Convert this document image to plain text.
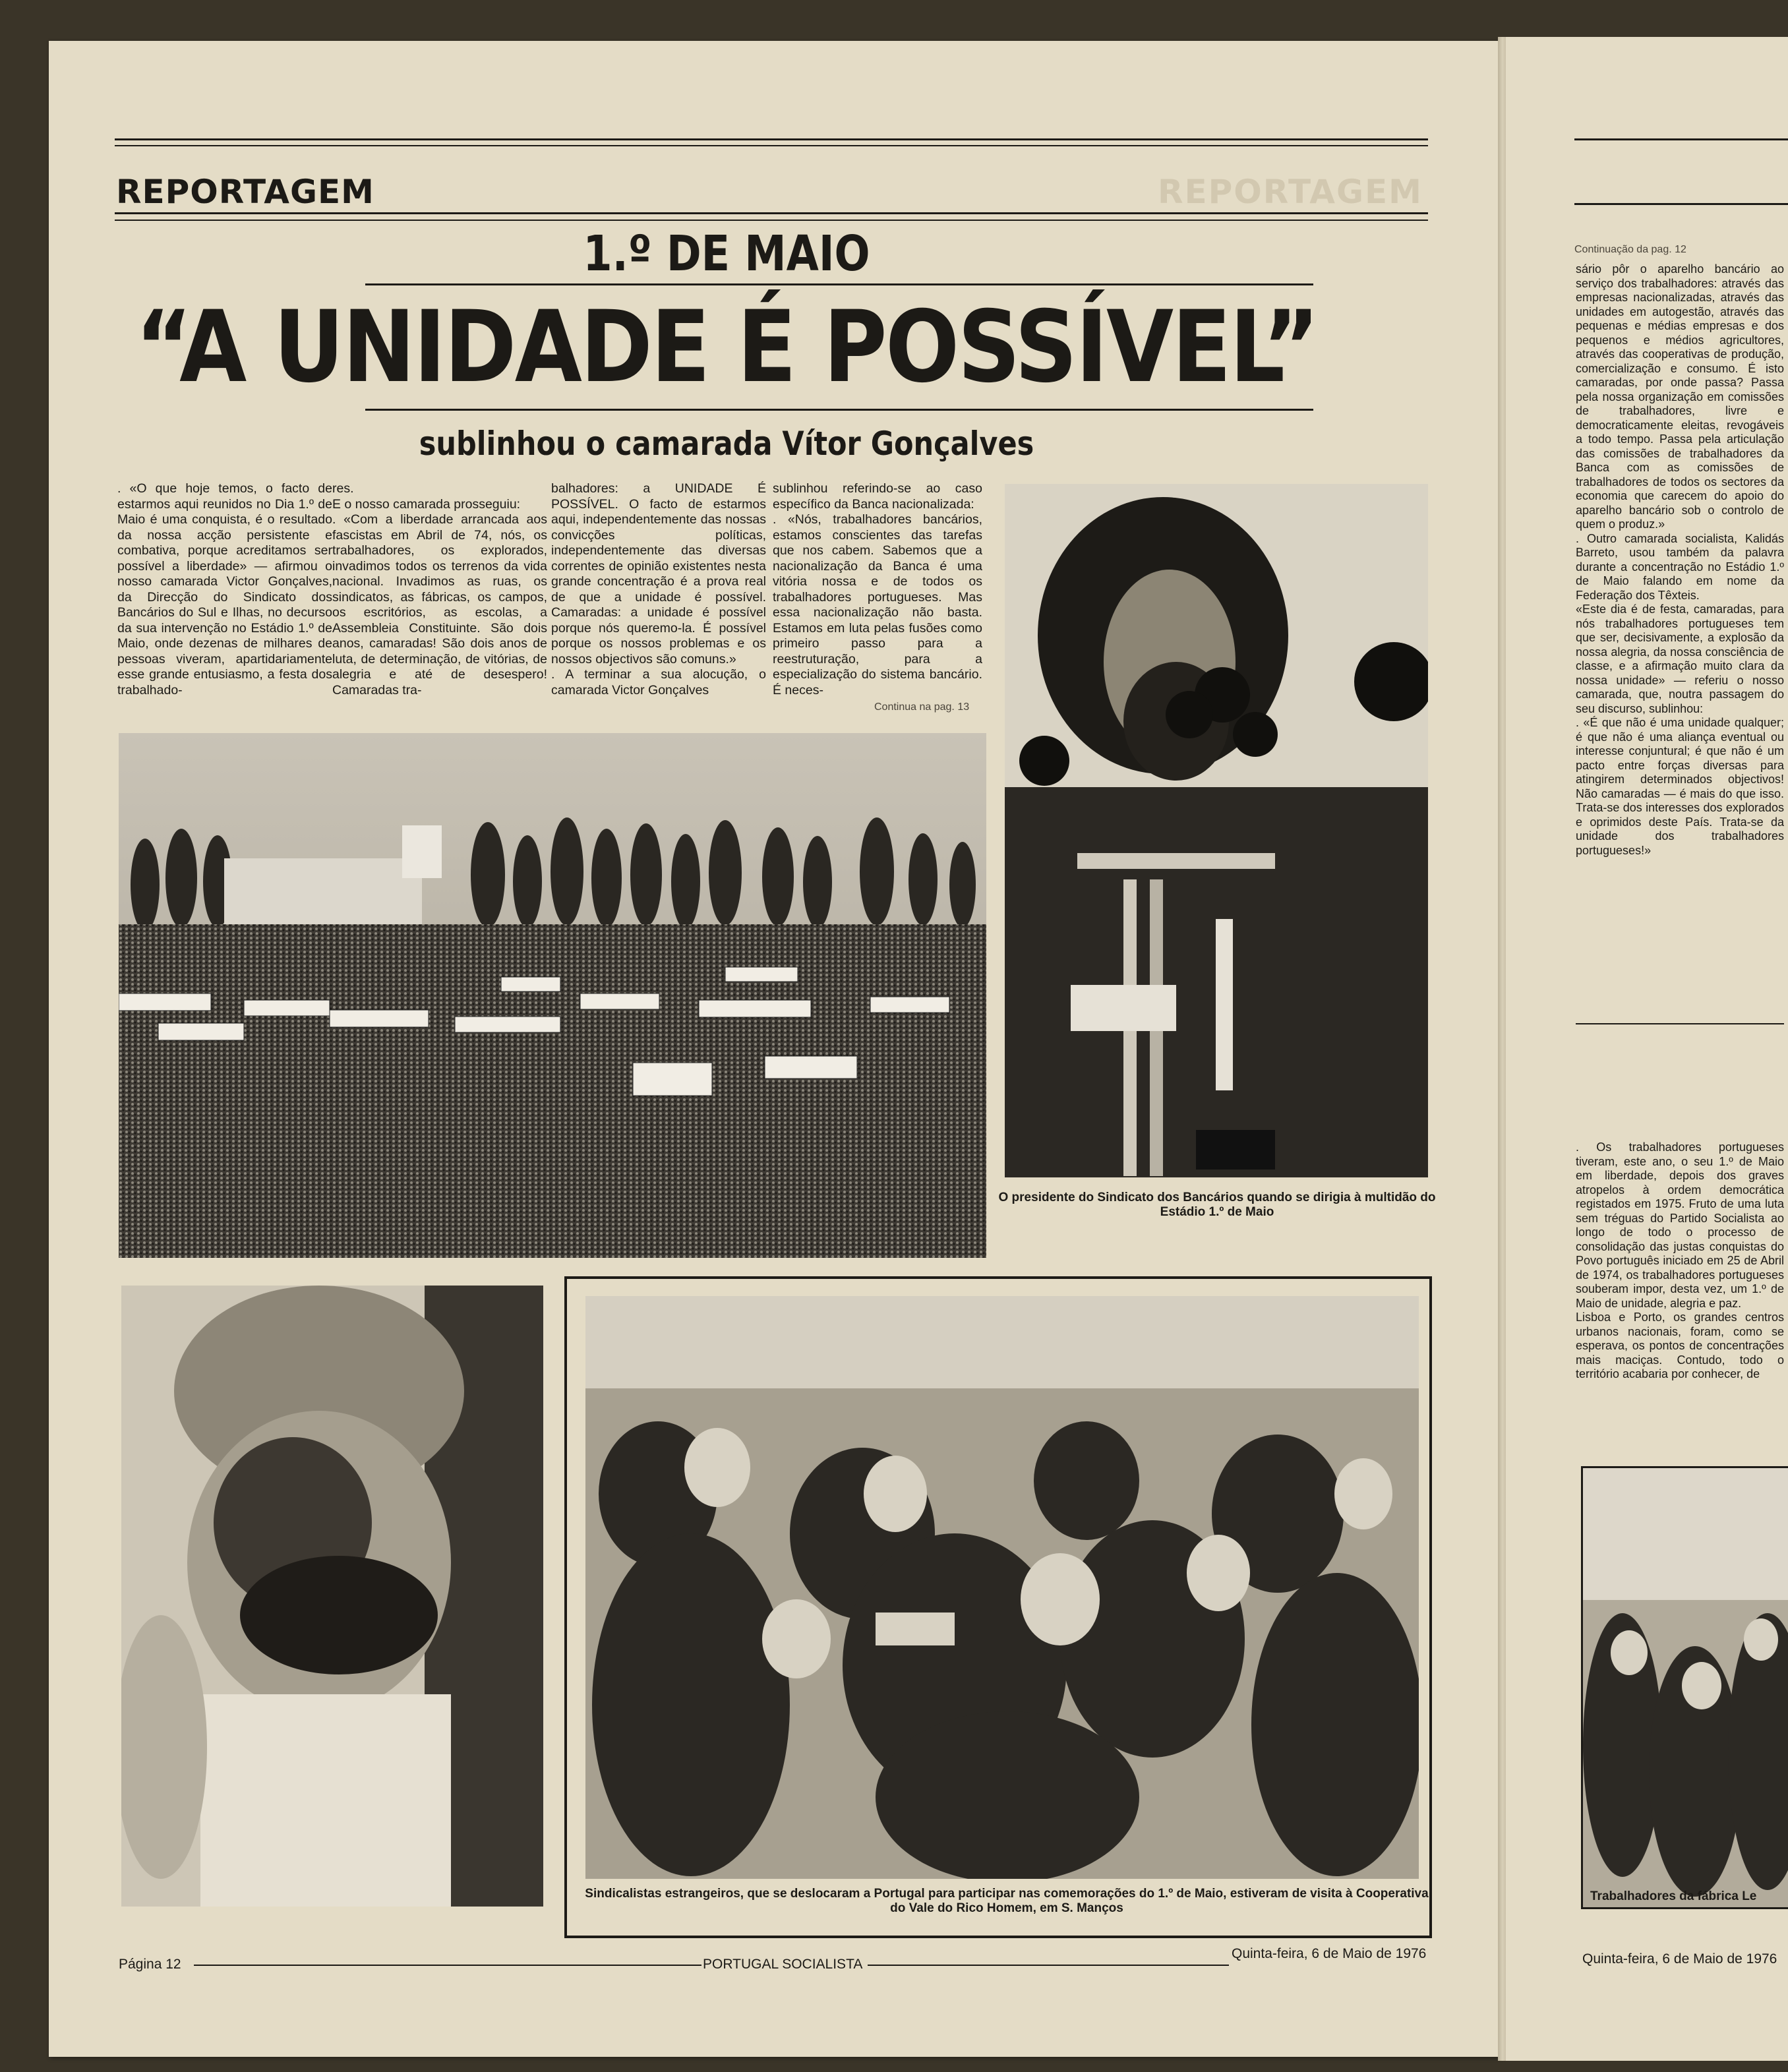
REPORTAGEM	REPORTAGEM
1.º DE MAIO
“A UNIDADE É POSSÍVEL”
sublinhou o camarada Vítor Gonçalves
. «O que hoje temos, o facto de estarmos aqui reunidos no Dia 1.º de Maio é uma conquista, é o resultado da nossa acção persistente e combativa, porque acreditamos ser possível a liberdade» — afirmou o nosso camarada Victor Gonçalves, da Direcção do Sindicato dos Bancários do Sul e Ilhas, no decurso da sua intervenção no Estádio 1.º de Maio, onde dezenas de milhares de pessoas viveram, apartidariamente esse grande entusiasmo, a festa dos trabalhado-
res.
E o nosso camarada prosseguiu:
. «Com a liberdade arrancada aos fascistas em Abril de 74, nós, os trabalhadores, os explorados, invadimos todos os terrenos da vida nacional. Invadimos as ruas, os sindicatos, as fábricas, os campos, os escritórios, as escolas, a Assembleia Constituinte. São dois anos, camaradas! São dois anos de luta, de determinação, de vitórias, de alegria e até de desespero! Camaradas tra-
balhadores: a UNIDADE É POSSÍVEL. O facto de estarmos aqui, independentemente das nossas convicções políticas, independentemente das diversas correntes de opinião existentes nesta grande concentração é a prova real de que a unidade é possível. Camaradas: a unidade é possível porque nós queremo-la. É possível porque os nossos problemas e os nossos objectivos são comuns.»
. A terminar a sua alocução, o camarada Victor Gonçalves
sublinhou referindo-se ao caso específico da Banca nacionalizada:
. «Nós, trabalhadores bancários, estamos conscientes das tarefas que nos cabem. Sabemos que a nacionalização da Banca é uma vitória nossa e de todos os trabalhadores portugueses. Mas essa nacionalização não basta. Estamos em luta pelas fusões como primeiro passo para a reestruturação, para a especialização do sistema bancário. É neces-
Continua na pag. 13
O presidente do Sindicato dos Bancários quando se dirigia à multidão do Estádio 1.º de Maio
Sindicalistas estrangeiros, que se deslocaram a Portugal para participar nas comemorações do 1.º de Maio, estiveram de visita à Cooperativa do Vale do Rico Homem, em S. Manços
Página 12	PORTUGAL SOCIALISTA
Quinta-feira, 6 de Maio de 1976
Continuação da pag. 12
sário pôr o aparelho bancário ao serviço dos trabalhadores: através das empresas nacionalizadas, através das unidades em autogestão, através das pequenas e médias empresas e dos pequenos e médios agricultores, através das cooperativas de produção, comercialização e consumo. É isto camaradas, por onde passa? Passa pela nossa organização em comissões de trabalhadores, livre e democraticamente eleitas, revogáveis a todo tempo. Passa pela articulação das comissões de trabalhadores da Banca com as comissões de trabalhadores de todos os sectores da economia que carecem do apoio do aparelho bancário sob o controlo de quem o produz.»
. Outro camarada socialista, Kalidás Barreto, usou também da palavra durante a concentração no Estádio 1.º de Maio falando em nome da Federação dos Têxteis.
«Este dia é de festa, camaradas, para nós trabalhadores portugueses tem que ser, decisivamente, a explosão da nossa alegria, da nossa consciência de classe, e a afirmação muito clara da nossa unidade» — referiu o nosso camarada, que, noutra passagem do seu discurso, sublinhou:
. «É que não é uma unidade qualquer; é que não é uma aliança eventual ou interesse conjuntural; é que não é um pacto entre forças diversas para atingirem determinados objectivos! Não camaradas — é mais do que isso. Trata-se dos interesses dos explorados e oprimidos deste País. Trata-se da unidade dos trabalhadores portugueses!»
. Os trabalhadores portugueses tiveram, este ano, o seu 1.º de Maio em liberdade, depois dos graves atropelos à ordem democrática registados em 1975. Fruto de uma luta sem tréguas do Partido Socialista ao longo de todo o processo de consolidação das justas conquistas do Povo português iniciado em 25 de Abril de 1974, os trabalhadores portugueses souberam impor, desta vez, um 1.º de Maio de unidade, alegria e paz.
Lisboa e Porto, os grandes centros urbanos nacionais, foram, como se esperava, os pontos de concentrações mais maciças. Contudo, todo o território acabaria por conhecer, de
Trabalhadores da fábrica Le
Quinta-feira, 6 de Maio de 1976
